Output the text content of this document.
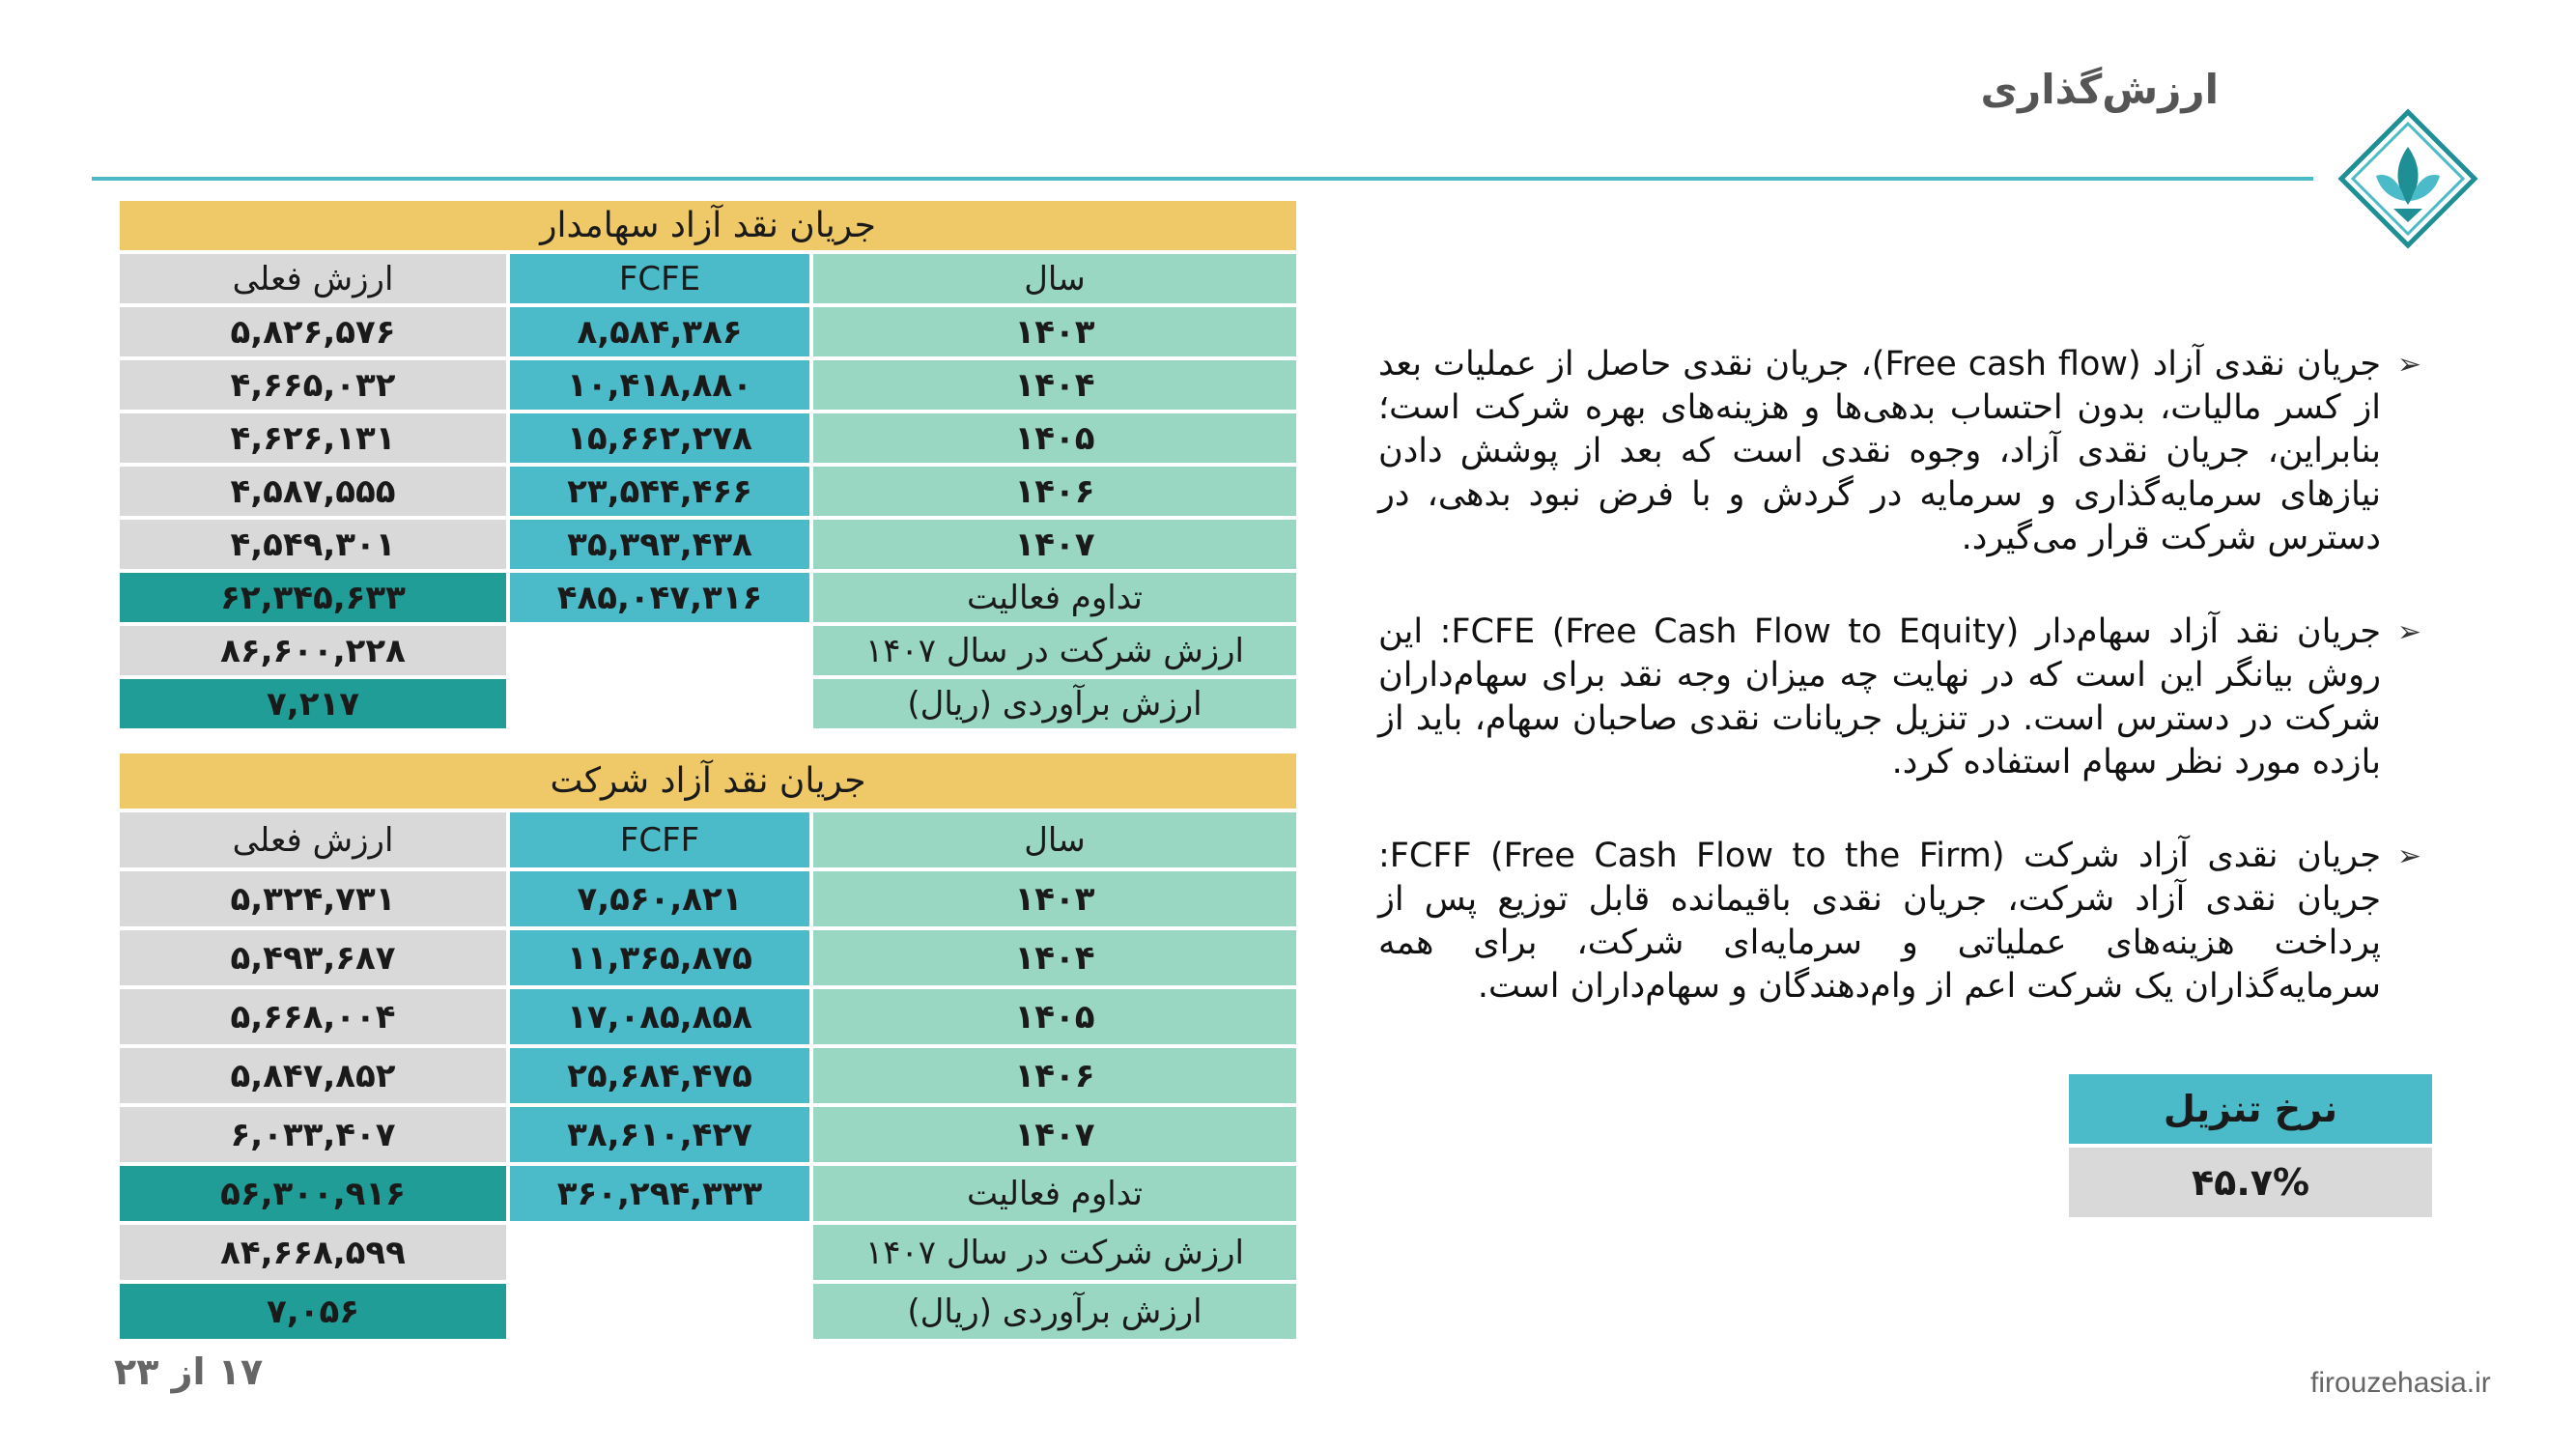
ارزش‌گذاری
جریان نقد آزاد سهامدار		
سال	FCFE	ارزش فعلی
۱۴۰۳	۸,۵۸۴,۳۸۶	۵,۸۲۶,۵۷۶
۱۴۰۴	۱۰,۴۱۸,۸۸۰	۴,۶۶۵,۰۳۲
۱۴۰۵	۱۵,۶۶۲,۲۷۸	۴,۶۲۶,۱۳۱
۱۴۰۶	۲۳,۵۴۴,۴۶۶	۴,۵۸۷,۵۵۵
۱۴۰۷	۳۵,۳۹۳,۴۳۸	۴,۵۴۹,۳۰۱
تداوم فعالیت	۴۸۵,۰۴۷,۳۱۶	۶۲,۳۴۵,۶۳۳
ارزش شرکت در سال ۱۴۰۷		۸۶,۶۰۰,۲۲۸
ارزش برآوردی (ریال)		۷,۲۱۷
جریان نقد آزاد شرکت		
سال	FCFF	ارزش فعلی
۱۴۰۳	۷,۵۶۰,۸۲۱	۵,۳۲۴,۷۳۱
۱۴۰۴	۱۱,۳۶۵,۸۷۵	۵,۴۹۳,۶۸۷
۱۴۰۵	۱۷,۰۸۵,۸۵۸	۵,۶۶۸,۰۰۴
۱۴۰۶	۲۵,۶۸۴,۴۷۵	۵,۸۴۷,۸۵۲
۱۴۰۷	۳۸,۶۱۰,۴۲۷	۶,۰۳۳,۴۰۷
تداوم فعالیت	۳۶۰,۲۹۴,۳۳۳	۵۶,۳۰۰,۹۱۶
ارزش شرکت در سال ۱۴۰۷		۸۴,۶۶۸,۵۹۹
ارزش برآوردی (ریال)		۷,۰۵۶
➢
جریان نقدی آزاد (Free cash flow)، جریان نقدی حاصل از عملیات بعد از کسر مالیات، بدون احتساب بدهی‌ها و هزینه‌های بهره شرکت است؛ بنابراین، جریان نقدی آزاد، وجوه نقدی است که بعد از پوشش دادن نیازهای سرمایه‌گذاری و سرمایه در گردش و با فرض نبود بدهی، در دسترس شرکت قرار می‌گیرد.
➢
جریان نقد آزاد سهام‌دار FCFE (Free Cash Flow to Equity): این روش بیانگر این است که در نهایت چه میزان وجه نقد برای سهام‌داران شرکت در دسترس است. در تنزیل جریانات نقدی صاحبان سهام، باید از بازده مورد نظر سهام استفاده کرد.
➢
جریان نقدی آزاد شرکت FCFF (Free Cash Flow to the Firm): جریان نقدی آزاد شرکت، جریان نقدی باقیمانده قابل توزیع پس از پرداخت هزینه‌های عملیاتی و سرمایه‌ای شرکت، برای همه سرمایه‌گذاران یک شرکت اعم از وام‌دهندگان و سهام‌داران است.
نرخ تنزیل
۴۵.۷%
۱۷ از ۲۳	firouzehasia.ir
